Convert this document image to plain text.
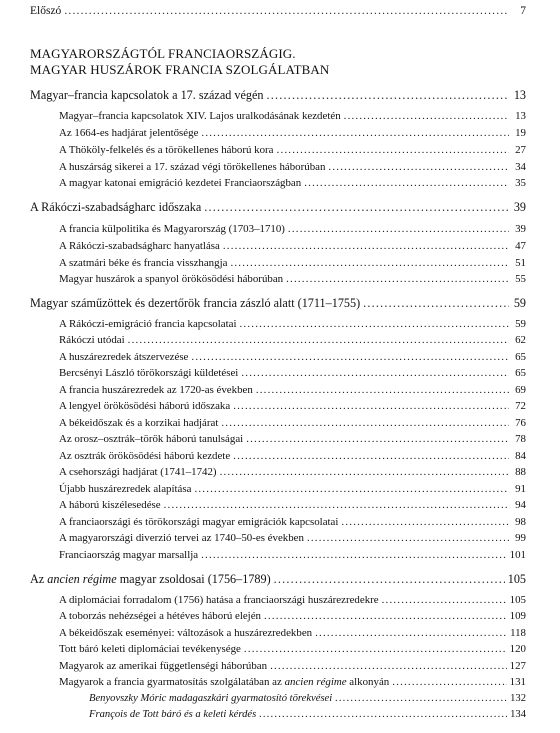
Előszó .....	7
MAGYARORSZÁGTÓL FRANCIAORSZÁGIG.
MAGYAR HUSZÁROK FRANCIA SZOLGÁLATBAN
Magyar–francia kapcsolatok a 17. század végén .....	13
Magyar–francia kapcsolatok XIV. Lajos uralkodásának kezdetén .....	13
Az 1664-es hadjárat jelentősége .....	19
A Thököly-felkelés és a törökellenes háború kora .....	27
A huszárság sikerei a 17. század végi törökellenes háborúban .....	34
A magyar katonai emigráció kezdetei Franciaországban .....	35
A Rákóczi-szabadságharc időszaka .....	39
A francia külpolitika és Magyarország (1703–1710) .....	39
A Rákóczi-szabadságharc hanyatlása .....	47
A szatmári béke és francia visszhangja .....	51
Magyar huszárok a spanyol örökösödési háborúban .....	55
Magyar száműzöttek és dezertőrök francia zászló alatt (1711–1755) .....	59
A Rákóczi-emigráció francia kapcsolatai .....	59
Rákóczi utódai .....	62
A huszárezredek átszervezése .....	65
Bercsényi László törökországi küldetései .....	65
A francia huszárezredek az 1720-as években .....	69
A lengyel örökösödési háború időszaka .....	72
A békeidőszak és a korzikai hadjárat .....	76
Az orosz–osztrák–török háború tanulságai .....	78
Az osztrák örökösödési háború kezdete .....	84
A csehországi hadjárat (1741–1742) .....	88
Újabb huszárezredek alapítása .....	91
A háború kiszélesedése .....	94
A franciaországi és törökországi magyar emigrációk kapcsolatai .....	98
A magyarországi diverzió tervei az 1740–50-es években .....	99
Franciaország magyar marsallja .....	101
Az ancien régime magyar zsoldosai (1756–1789) .....	105
A diplomáciai forradalom (1756) hatása a franciaországi huszárezredekre .....	105
A toborzás nehézségei a hétéves háború elején .....	109
A békeidőszak eseményei: változások a huszárezredekben .....	118
Tott báró keleti diplomáciai tevékenysége .....	120
Magyarok az amerikai függetlenségi háborúban .....	127
Magyarok a francia gyarmatosítás szolgálatában az ancien régime alkonyán .....	131
Benyovszky Móric madagaszkári gyarmatosító törekvései .....	132
François de Tott báró és a keleti kérdés .....	134
